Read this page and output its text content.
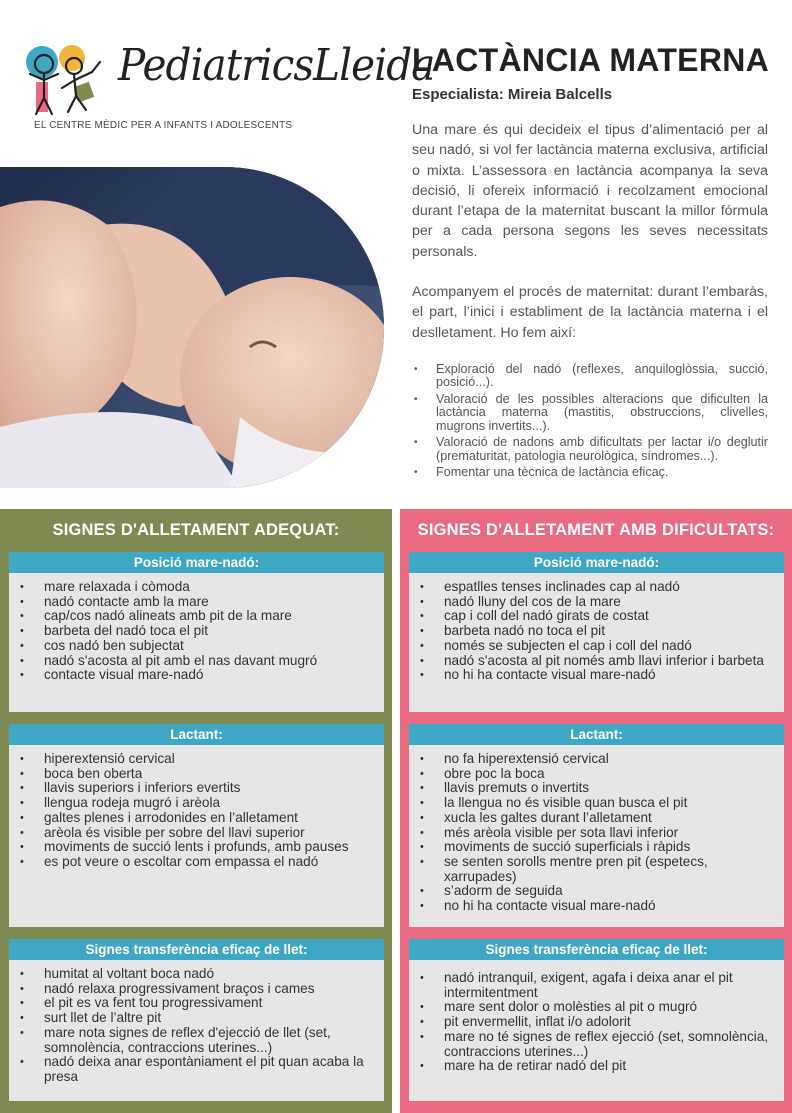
PediatricsLleida
EL CENTRE MÈDIC PER A INFANTS I ADOLESCENTS
LACTÀNCIA MATERNA
Especialista: Mireia Balcells

Una mare és qui decideix el tipus d’alimentació per al seu nadó, si vol fer lactància materna exclusiva, artificial o mixta. L’assessora en lactància acompanya la seva decisió, li ofereix informació i recolzament emocional durant l’etapa de la maternitat buscant la millor fórmula per a cada persona segons les seves necessitats personals.

Acompanyem el procés de maternitat: durant l’embaràs, el part, l’inici i establiment de la lactància materna i el deslletament. Ho fem així:

• Exploració del nadó (reflexes, anquiloglòssia, succió, posició...).
• Valoració de les possibles alteracions que dificulten la lactància materna (mastitis, obstruccions, clivelles, mugrons invertits...).
• Valoració de nadons amb dificultats per lactar i/o deglutir (prematuritat, patologia neurològica, síndromes...).
• Fomentar una tècnica de lactància eficaç.
SIGNES D'ALLETAMENT ADEQUAT:
Posició mare-nadó:
• mare relaxada i còmoda
• nadó contacte amb la mare
• cap/cos nadó alineats amb pit de la mare
• barbeta del nadó toca el pit
• cos nadó ben subjectat
• nadó s'acosta al pit amb el nas davant mugró
• contacte visual mare-nadó
Lactant:
• hiperextensió cervical
• boca ben oberta
• llavis superiors i inferiors evertits
• llengua rodeja mugró i arèola
• galtes plenes i arrodonides en l’alletament
• arèola és visible per sobre del llavi superior
• moviments de succió lents i profunds, amb pauses
• es pot veure o escoltar com empassa el nadó
Signes transferència eficaç de llet:
• humitat al voltant boca nadó
• nadó relaxa progressivament braços i cames
• el pit es va fent tou progressivament
• surt llet de l’altre pit
• mare nota signes de reflex d'ejecció de llet (set, somnolència, contraccions uterines...)
• nadó deixa anar espontàniament el pit quan acaba la presa
SIGNES D'ALLETAMENT AMB DIFICULTATS:
Posició mare-nadó:
• espatlles tenses inclinades cap al nadó
• nadó lluny del cos de la mare
• cap i coll del nadó girats de costat
• barbeta nadó no toca el pit
• només se subjecten el cap i coll del nadó
• nadó s'acosta al pit només amb llavi inferior i barbeta
• no hi ha contacte visual mare-nadó
Lactant:
• no fa hiperextensió cervical
• obre poc la boca
• llavis premuts o invertits
• la llengua no és visible quan busca el pit
• xucla les galtes durant l’alletament
• més arèola visible per sota llavi inferior
• moviments de succió superficials i ràpids
• se senten sorolls mentre pren pit (espetecs, xarrupades)
• s’adorm de seguida
• no hi ha contacte visual mare-nadó
Signes transferència eficaç de llet:
• nadó intranquil, exigent, agafa i deixa anar el pit intermitentment
• mare sent dolor o molèsties al pit o mugró
• pit envermellit, inflat i/o adolorit
• mare no té signes de reflex ejecció (set, somnolència, contraccions uterines...)
• mare ha de retirar nadó del pit
